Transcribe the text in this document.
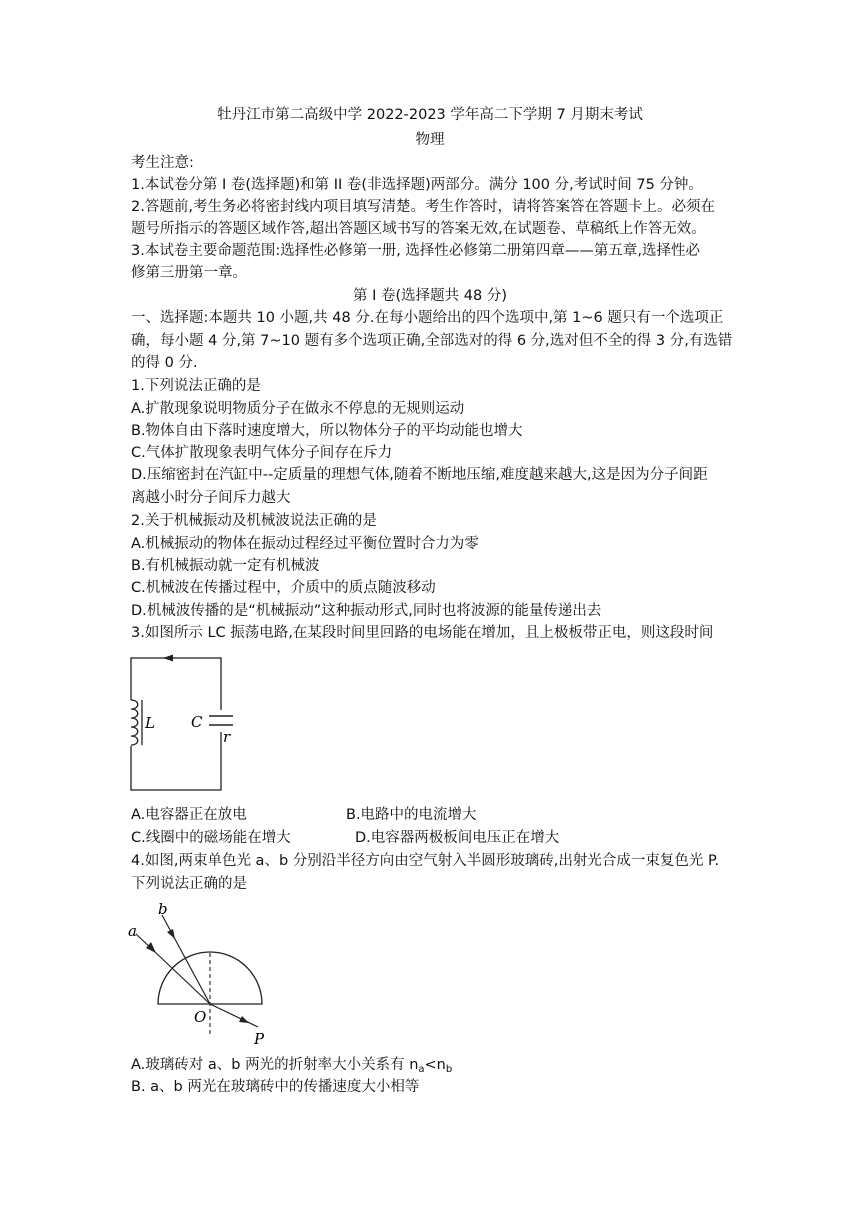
牡丹江市第二高级中学 2022-2023 学年高二下学期 7 月期末考试
物理
考生注意:
1.本试卷分第 I 卷(选择题)和第 II 卷(非选择题)两部分。满分 100 分,考试时间 75 分钟。
2.答题前,考生务必将密封线内项目填写清楚。考生作答时，请将答案答在答题卡上。必须在
题号所指示的答题区域作答,超出答题区域书写的答案无效,在试题卷、草稿纸上作答无效。
3.本试卷主要命题范围:选择性必修第一册, 选择性必修第二册第四章——第五章,选择性必
修第三册第一章。
第 I 卷(选择题共 48 分)
一、选择题:本题共 10 小题,共 48 分.在每小题给出的四个选项中,第 1~6 题只有一个选项正
确，每小题 4 分,第 7~10 题有多个选项正确,全部选对的得 6 分,选对但不全的得 3 分,有选错
的得 0 分.
1.下列说法正确的是
A.扩散现象说明物质分子在做永不停息的无规则运动
B.物体自由下落时速度增大，所以物体分子的平均动能也增大
C.气体扩散现象表明气体分子间存在斥力
D.压缩密封在汽缸中--定质量的理想气体,随着不断地压缩,难度越来越大,这是因为分子间距
离越小时分子间斥力越大
2.关于机械振动及机械波说法正确的是
A.机械振动的物体在振动过程经过平衡位置时合力为零
B.有机械振动就一定有机械波
C.机械波在传播过程中，介质中的质点随波移动
D.机械波传播的是“机械振动”这种振动形式,同时也将波源的能量传递出去
3.如图所示 LC 振荡电路,在某段时间里回路的电场能在增加，且上极板带正电，则这段时间
L C
r
A.电容器正在放电	B.电路中的电流增大
C.线圈中的磁场能在增大	D.电容器两极板间电压正在增大
4.如图,两束单色光 a、b 分别沿半径方向由空气射入半圆形玻璃砖,出射光合成一束复色光 P.
下列说法正确的是
a
b
O
P
A.玻璃砖对 a、b 两光的折射率大小关系有 $n_a<n_b$
B. a、b 两光在玻璃砖中的传播速度大小相等
